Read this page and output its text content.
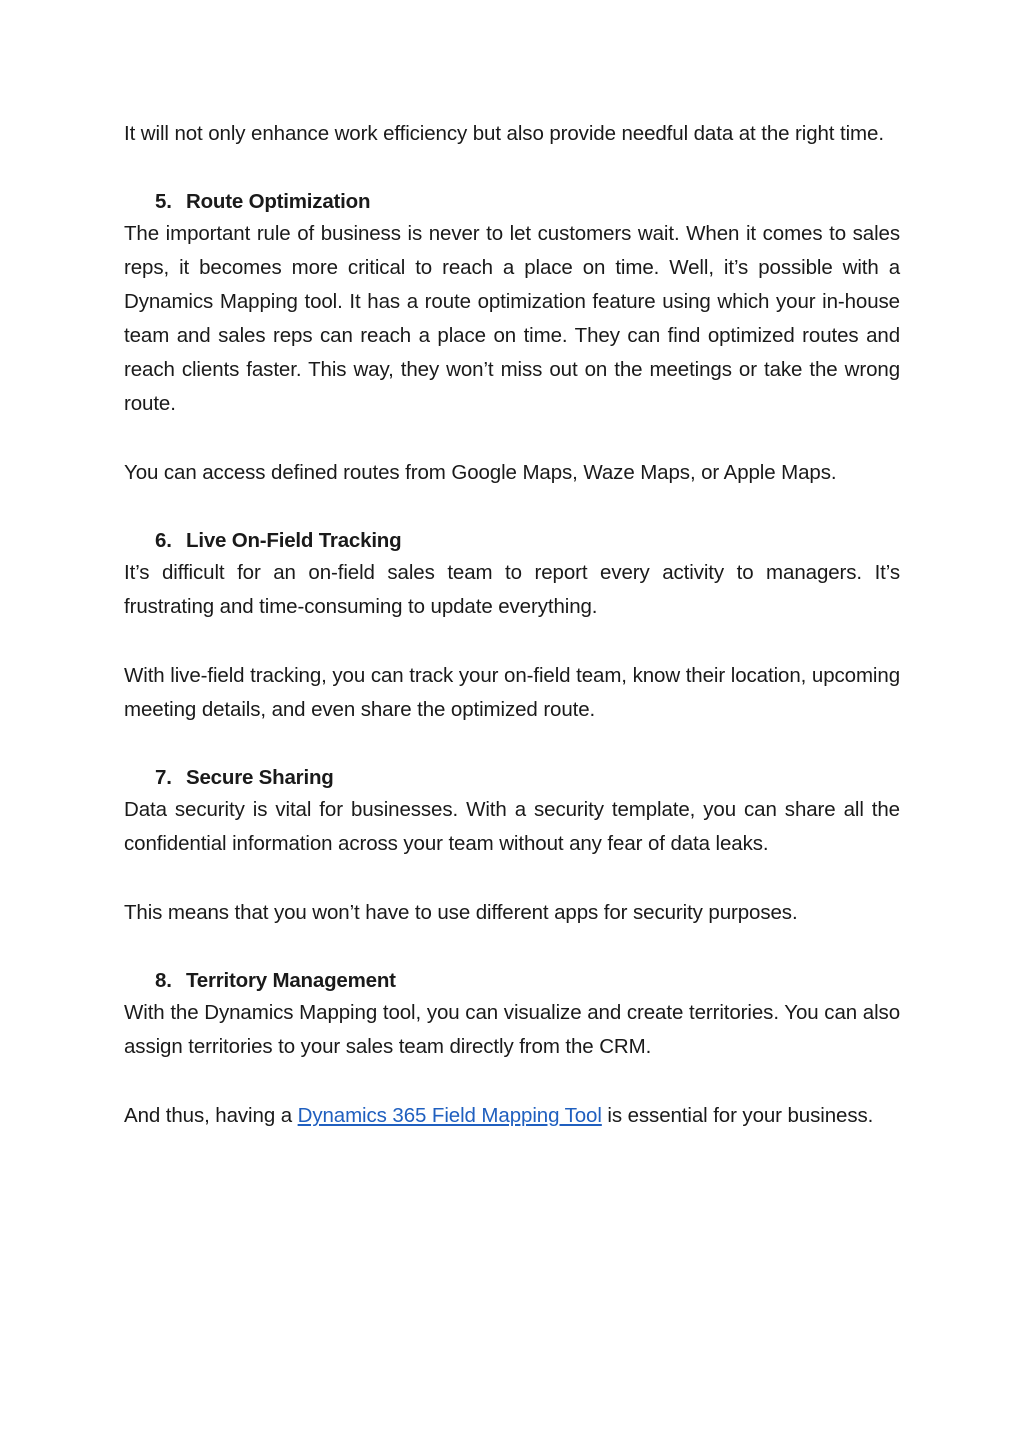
It will not only enhance work efficiency but also provide needful data at the right time.

5. Route Optimization

The important rule of business is never to let customers wait. When it comes to sales reps, it becomes more critical to reach a place on time. Well, it’s possible with a Dynamics Mapping tool. It has a route optimization feature using which your in-house team and sales reps can reach a place on time. They can find optimized routes and reach clients faster. This way, they won’t miss out on the meetings or take the wrong route.

You can access defined routes from Google Maps, Waze Maps, or Apple Maps.

6. Live On-Field Tracking

It’s difficult for an on-field sales team to report every activity to managers. It’s frustrating and time-consuming to update everything.

With live-field tracking, you can track your on-field team, know their location, upcoming meeting details, and even share the optimized route.

7. Secure Sharing

Data security is vital for businesses. With a security template, you can share all the confidential information across your team without any fear of data leaks.

This means that you won’t have to use different apps for security purposes.

8. Territory Management

With the Dynamics Mapping tool, you can visualize and create territories. You can also assign territories to your sales team directly from the CRM.

And thus, having a Dynamics 365 Field Mapping Tool is essential for your business.
